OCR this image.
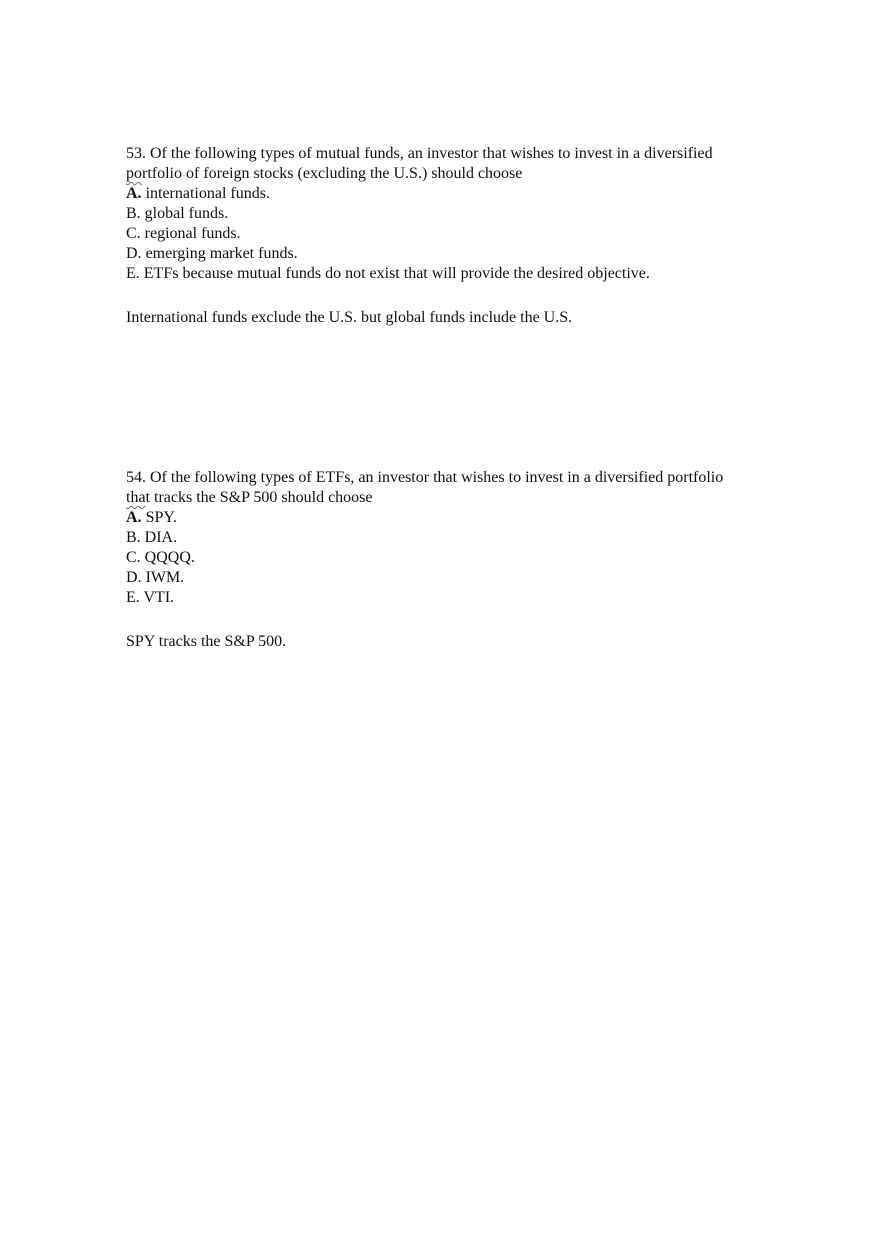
53. Of the following types of mutual funds, an investor that wishes to invest in a diversified
portfolio of foreign stocks (excluding the U.S.) should choose
A. international funds.
B. global funds.
C. regional funds.
D. emerging market funds.
E. ETFs because mutual funds do not exist that will provide the desired objective.
International funds exclude the U.S. but global funds include the U.S.
54. Of the following types of ETFs, an investor that wishes to invest in a diversified portfolio
that tracks the S&P 500 should choose
A. SPY.
B. DIA.
C. QQQQ.
D. IWM.
E. VTI.
SPY tracks the S&P 500.
